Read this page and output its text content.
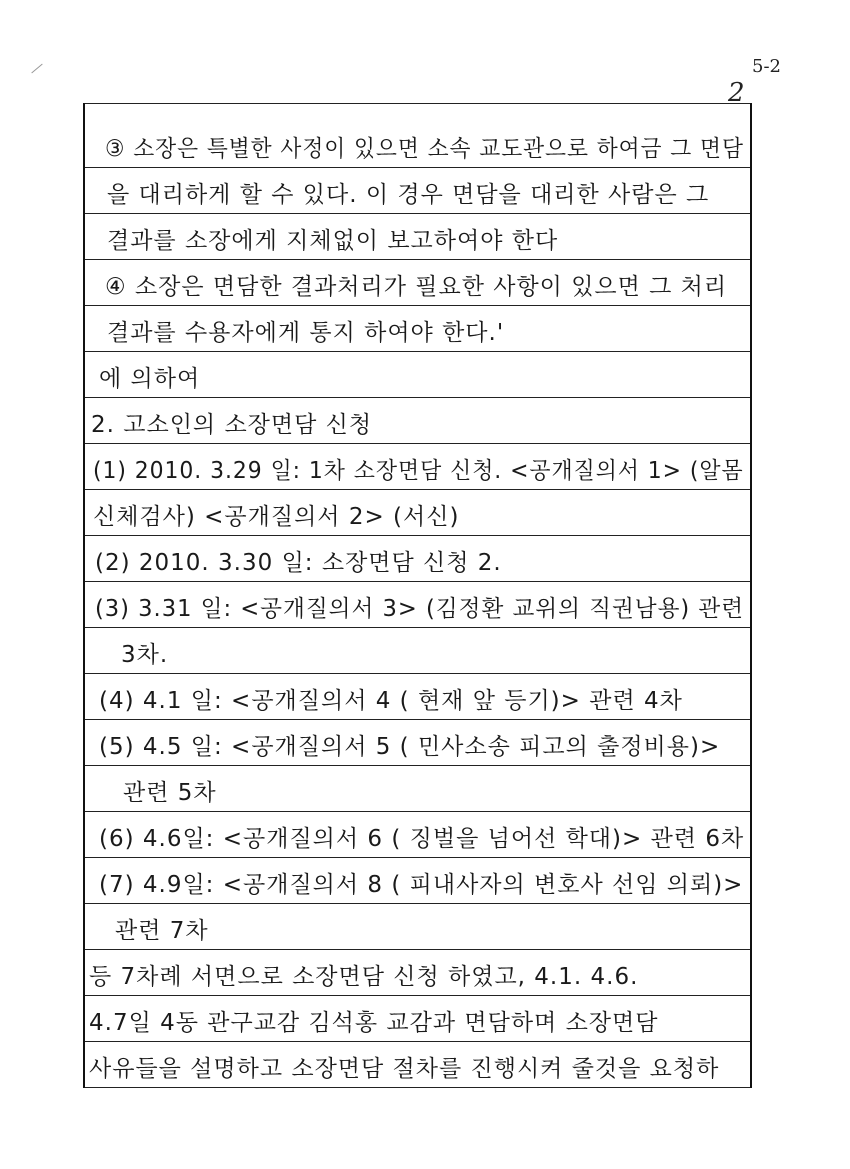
5-2
2
③ 소장은 특별한 사정이 있으면 소속 교도관으로 하여금 그 면담
을 대리하게 할 수 있다. 이 경우 면담을 대리한 사람은 그
결과를 소장에게 지체없이 보고하여야 한다
④ 소장은 면담한 결과처리가 필요한 사항이 있으면 그 처리
결과를 수용자에게 통지 하여야 한다.'
에 의하여
2. 고소인의 소장면담 신청
(1) 2010. 3.29 일: 1차 소장면담 신청. <공개질의서 1> (알몸
신체검사) <공개질의서 2> (서신)
(2) 2010. 3.30 일: 소장면담 신청 2.
(3) 3.31 일: <공개질의서 3> (김정환 교위의 직권남용) 관련
3차.
(4) 4.1 일: <공개질의서 4 ( 현재 앞 등기)> 관련 4차
(5) 4.5 일: <공개질의서 5 ( 민사소송 피고의 출정비용)>
관련 5차
(6) 4.6일: <공개질의서 6 ( 징벌을 넘어선 학대)> 관련 6차
(7) 4.9일: <공개질의서 8 ( 피내사자의 변호사 선임 의뢰)>
관련 7차
등 7차례 서면으로 소장면담 신청 하였고, 4.1. 4.6.
4.7일 4동 관구교감 김석홍 교감과 면담하며 소장면담
사유들을 설명하고 소장면담 절차를 진행시켜 줄것을 요청하
